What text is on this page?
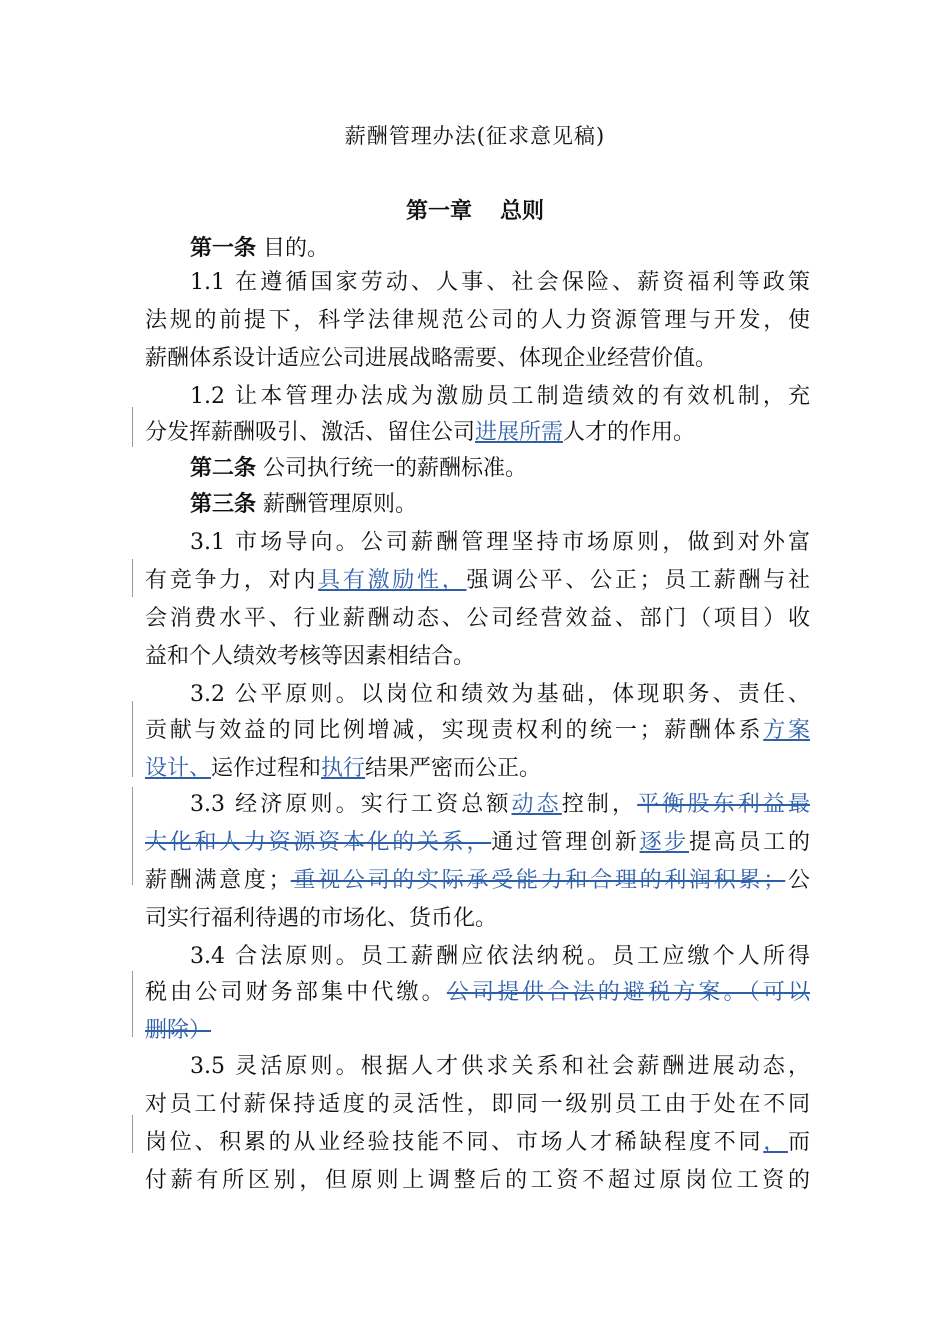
薪酬管理办法(征求意见稿)
第一章 总则
第一条 目的。
1.1 在遵循国家劳动、人事、社会保险、薪资福利等政策
法规的前提下，科学法律规范公司的人力资源管理与开发，使
薪酬体系设计适应公司进展战略需要、体现企业经营价值。
1.2 让本管理办法成为激励员工制造绩效的有效机制，充
分发挥薪酬吸引、激活、留住公司进展所需人才的作用。
第二条 公司执行统一的薪酬标准。
第三条 薪酬管理原则。
3.1 市场导向。公司薪酬管理坚持市场原则，做到对外富
有竞争力，对内具有激励性，强调公平、公正；员工薪酬与社
会消费水平、行业薪酬动态、公司经营效益、部门（项目）收
益和个人绩效考核等因素相结合。
3.2 公平原则。以岗位和绩效为基础，体现职务、责任、
贡献与效益的同比例增减，实现责权利的统一；薪酬体系方案
设计、运作过程和执行结果严密而公正。
3.3 经济原则。实行工资总额动态控制，平衡股东利益最
大化和人力资源资本化的关系，通过管理创新逐步提高员工的
薪酬满意度；重视公司的实际承受能力和合理的利润积累；公
司实行福利待遇的市场化、货币化。
3.4 合法原则。员工薪酬应依法纳税。员工应缴个人所得
税由公司财务部集中代缴。公司提供合法的避税方案。（可以
删除）
3.5 灵活原则。根据人才供求关系和社会薪酬进展动态，
对员工付薪保持适度的灵活性，即同一级别员工由于处在不同
岗位、积累的从业经验技能不同、市场人才稀缺程度不同，而
付薪有所区别，但原则上调整后的工资不超过原岗位工资的
